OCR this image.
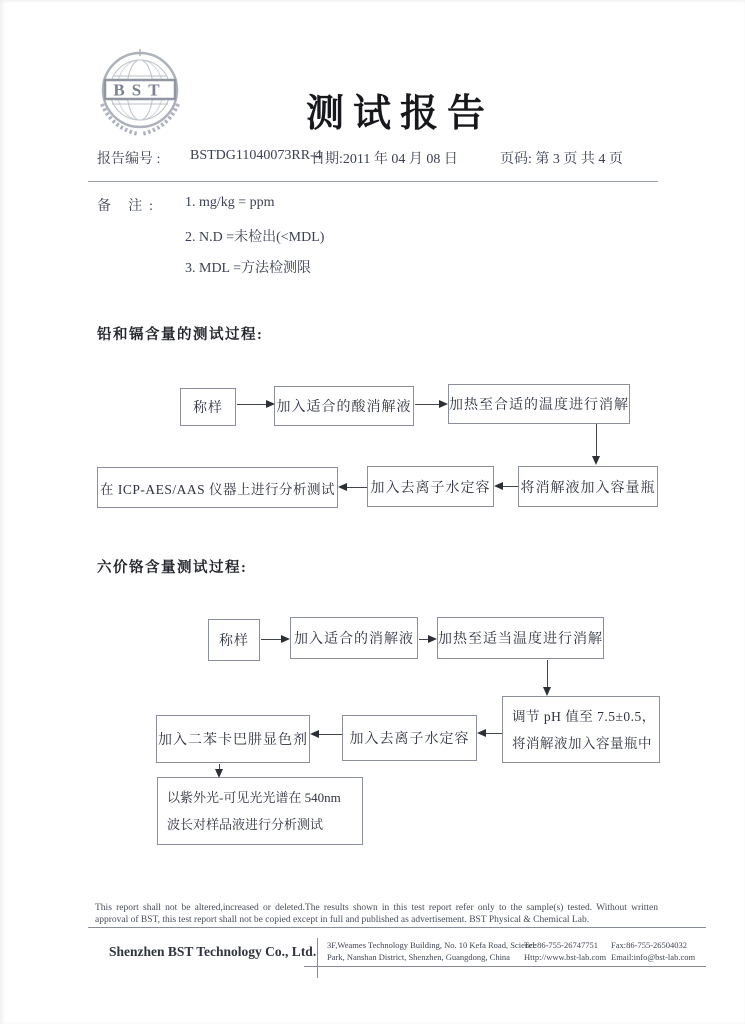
BST
测试报告
报告编号 : BSTDG11040073RR-4
日期:2011 年 04 月 08 日	页码: 第 3 页 共 4 页
备 注: 1. mg/kg = ppm
2. N.D =未检出(<MDL)
3. MDL =方法检测限
铅和镉含量的测试过程:
称样	加入适合的酸消解液	加热至合适的温度进行消解
在 ICP-AES/AAS 仪器上进行分析测试	加入去离子水定容 将消解液加入容量瓶
六价铬含量测试过程:
称样	加入适合的消解液 加热至适当温度进行消解
调节 pH 值至 7.5±0.5，
将消解液加入容量瓶中
加入去离子水定容
加入二苯卡巴肼显色剂
以紫外光-可见光光谱在 540nm
波长对样品液进行分析测试
This report shall not be altered,increased or deleted.The results shown in this test report refer only to the sample(s) tested. Without written
approval of BST, this test report shall not be copied except in full and published as advertisement. BST Physical & Chemical Lab.
Shenzhen BST Technology Co., Ltd. 3F,Weames Technology Building, No. 10 Kefa Road, Science
Park, Nanshan District, Shenzhen, Guangdong, China
Tel:86-755-26747751
Http://www.bst-lab.com
Fax:86-755-26504032
Email:info@bst-lab.com
